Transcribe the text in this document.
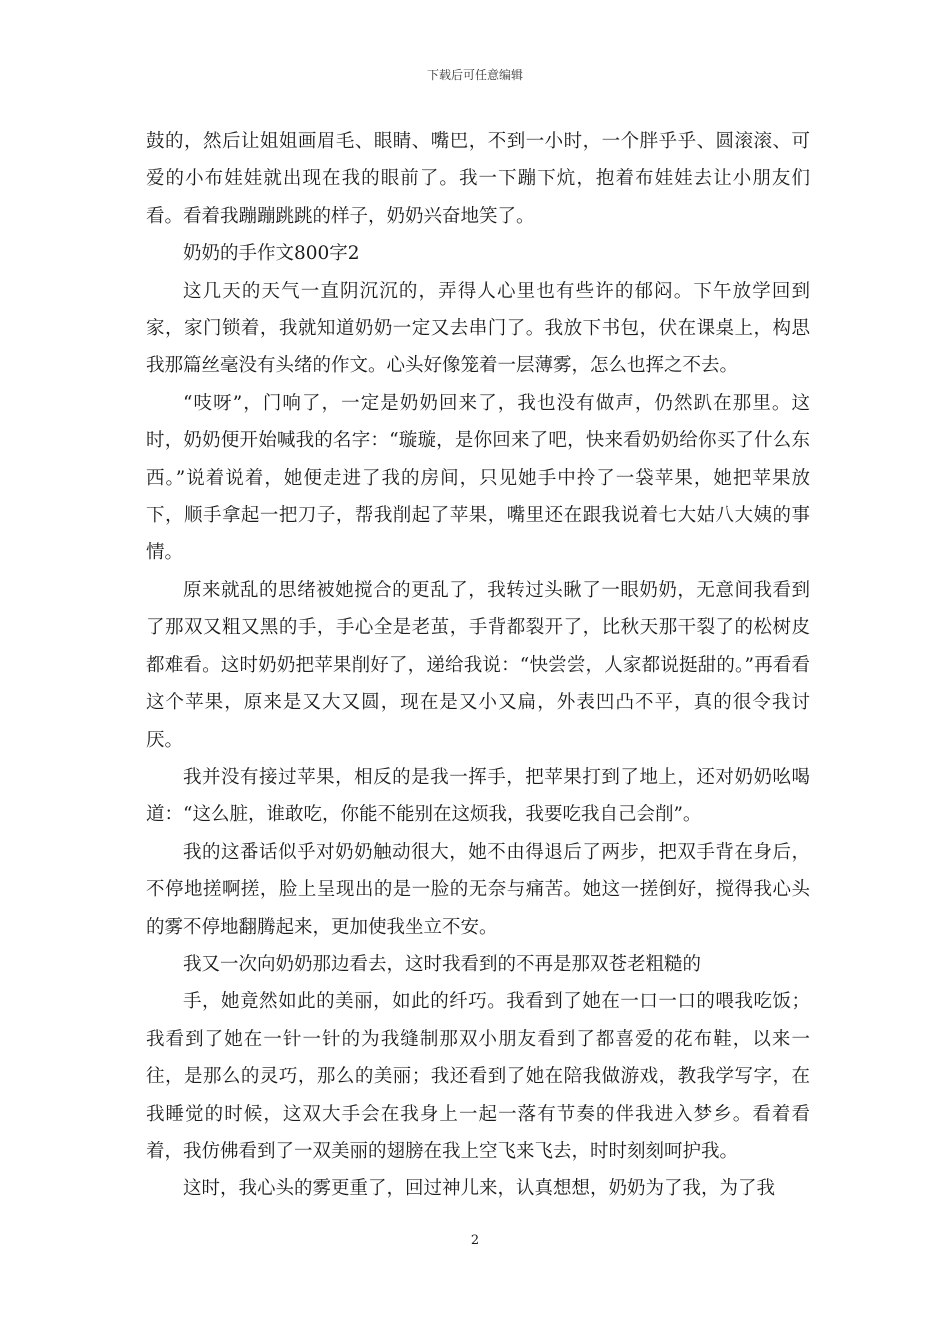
下载后可任意编辑

鼓的，然后让姐姐画眉毛、眼睛、嘴巴，不到一小时，一个胖乎乎、圆滚滚、可爱的小布娃娃就出现在我的眼前了。我一下蹦下炕，抱着布娃娃去让小朋友们看。看着我蹦蹦跳跳的样子，奶奶兴奋地笑了。

奶奶的手作文800字2

这几天的天气一直阴沉沉的，弄得人心里也有些许的郁闷。下午放学回到家，家门锁着，我就知道奶奶一定又去串门了。我放下书包，伏在课桌上，构思我那篇丝毫没有头绪的作文。心头好像笼着一层薄雾，怎么也挥之不去。

“吱呀”，门响了，一定是奶奶回来了，我也没有做声，仍然趴在那里。这时，奶奶便开始喊我的名字：“璇璇，是你回来了吧，快来看奶奶给你买了什么东西。”说着说着，她便走进了我的房间，只见她手中拎了一袋苹果，她把苹果放下，顺手拿起一把刀子，帮我削起了苹果，嘴里还在跟我说着七大姑八大姨的事情。

原来就乱的思绪被她搅合的更乱了，我转过头瞅了一眼奶奶，无意间我看到了那双又粗又黑的手，手心全是老茧，手背都裂开了，比秋天那干裂了的松树皮都难看。这时奶奶把苹果削好了，递给我说：“快尝尝，人家都说挺甜的。”再看看这个苹果，原来是又大又圆，现在是又小又扁，外表凹凸不平，真的很令我讨厌。

我并没有接过苹果，相反的是我一挥手，把苹果打到了地上，还对奶奶吆喝道：“这么脏，谁敢吃，你能不能别在这烦我，我要吃我自己会削”。

我的这番话似乎对奶奶触动很大，她不由得退后了两步，把双手背在身后，不停地搓啊搓，脸上呈现出的是一脸的无奈与痛苦。她这一搓倒好，搅得我心头的雾不停地翻腾起来，更加使我坐立不安。

我又一次向奶奶那边看去，这时我看到的不再是那双苍老粗糙的

手，她竟然如此的美丽，如此的纤巧。我看到了她在一口一口的喂我吃饭；我看到了她在一针一针的为我缝制那双小朋友看到了都喜爱的花布鞋，以来一往，是那么的灵巧，那么的美丽；我还看到了她在陪我做游戏，教我学写字，在我睡觉的时候，这双大手会在我身上一起一落有节奏的伴我进入梦乡。看着看着，我仿佛看到了一双美丽的翅膀在我上空飞来飞去，时时刻刻呵护我。

这时，我心头的雾更重了，回过神儿来，认真想想，奶奶为了我，为了我

2
